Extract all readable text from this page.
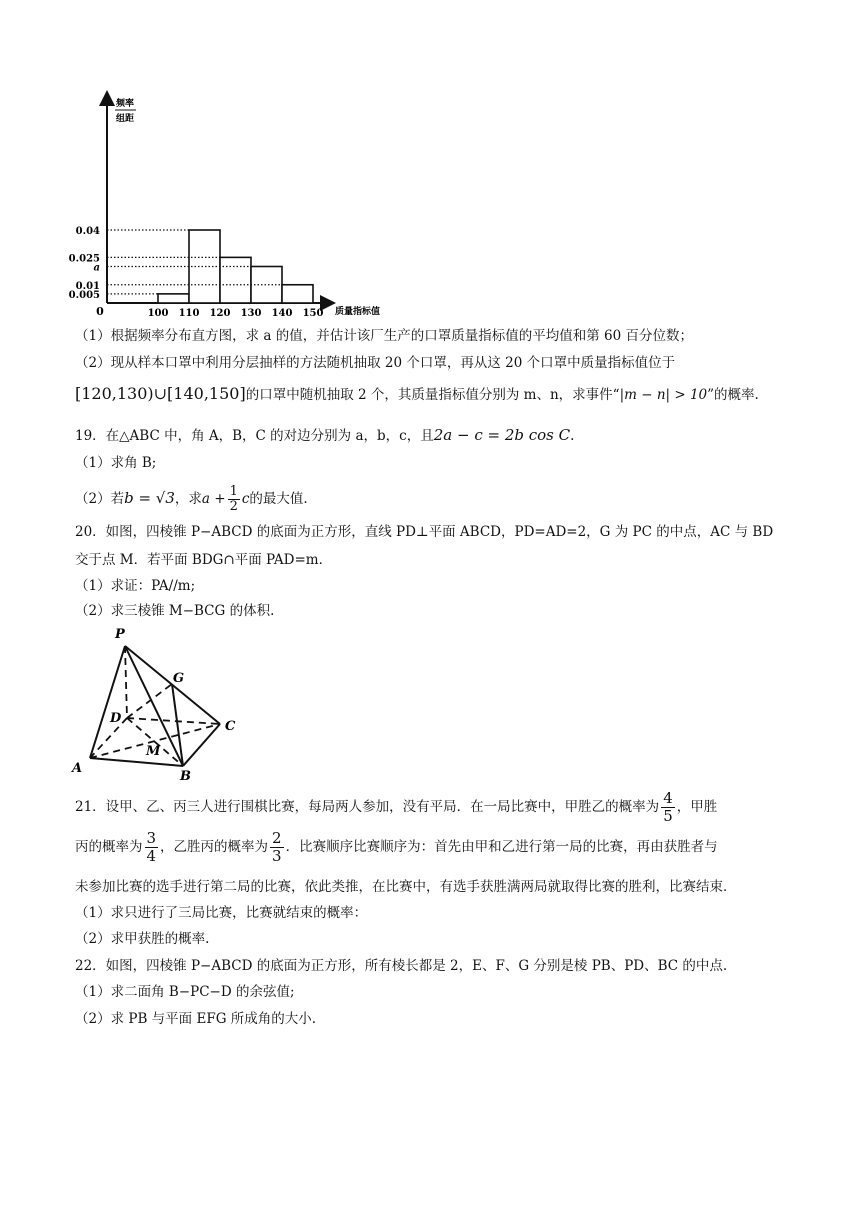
频率
组距
质量指标值
0
0.04
0.025
a
0.01
0.005
100 110 120 130 140 150
（1）根据频率分布直方图，求 a 的值，并估计该厂生产的口罩质量指标值的平均值和第 60 百分位数；
（2）现从样本口罩中利用分层抽样的方法随机抽取 20 个口罩，再从这 20 个口罩中质量指标值位于
[120,130)∪[140,150]的口罩中随机抽取 2 个，其质量指标值分别为 m、n，求事件“|m − n| > 10”的概率.
19．在△ABC 中，角 A，B，C 的对边分别为 a，b，c，且2a − c = 2b cos C.
（1）求角 B;
（2）若b = √3，求$a + \frac{1}{2}$ c的最大值.
20．如图，四棱锥 P−ABCD 的底面为正方形，直线 PD⊥平面 ABCD，PD=AD=2，G 为 PC 的中点，AC 与 BD
交于点 M．若平面 BDG∩平面 PAD=m．
（1）求证：PA//m;
（2）求三棱锥 M−BCG 的体积.
P
G
D
C
M
A
B
21．设甲、乙、丙三人进行围棋比赛，每局两人参加，没有平局．在一局比赛中，甲胜乙的概率为 $\frac{4}{5}$ ，甲胜
丙的概率为 $\frac{3}{4}$ ，乙胜丙的概率为 $\frac{2}{3}$ ．比赛顺序比赛顺序为：首先由甲和乙进行第一局的比赛，再由获胜者与
未参加比赛的选手进行第二局的比赛，依此类推，在比赛中，有选手获胜满两局就取得比赛的胜利，比赛结束．
（1）求只进行了三局比赛，比赛就结束的概率：
（2）求甲获胜的概率.
22．如图，四棱锥 P−ABCD 的底面为正方形，所有棱长都是 2，E、F、G 分别是棱 PB、PD、BC 的中点.
（1）求二面角 B−PC−D 的余弦值;
（2）求 PB 与平面 EFG 所成角的大小.
